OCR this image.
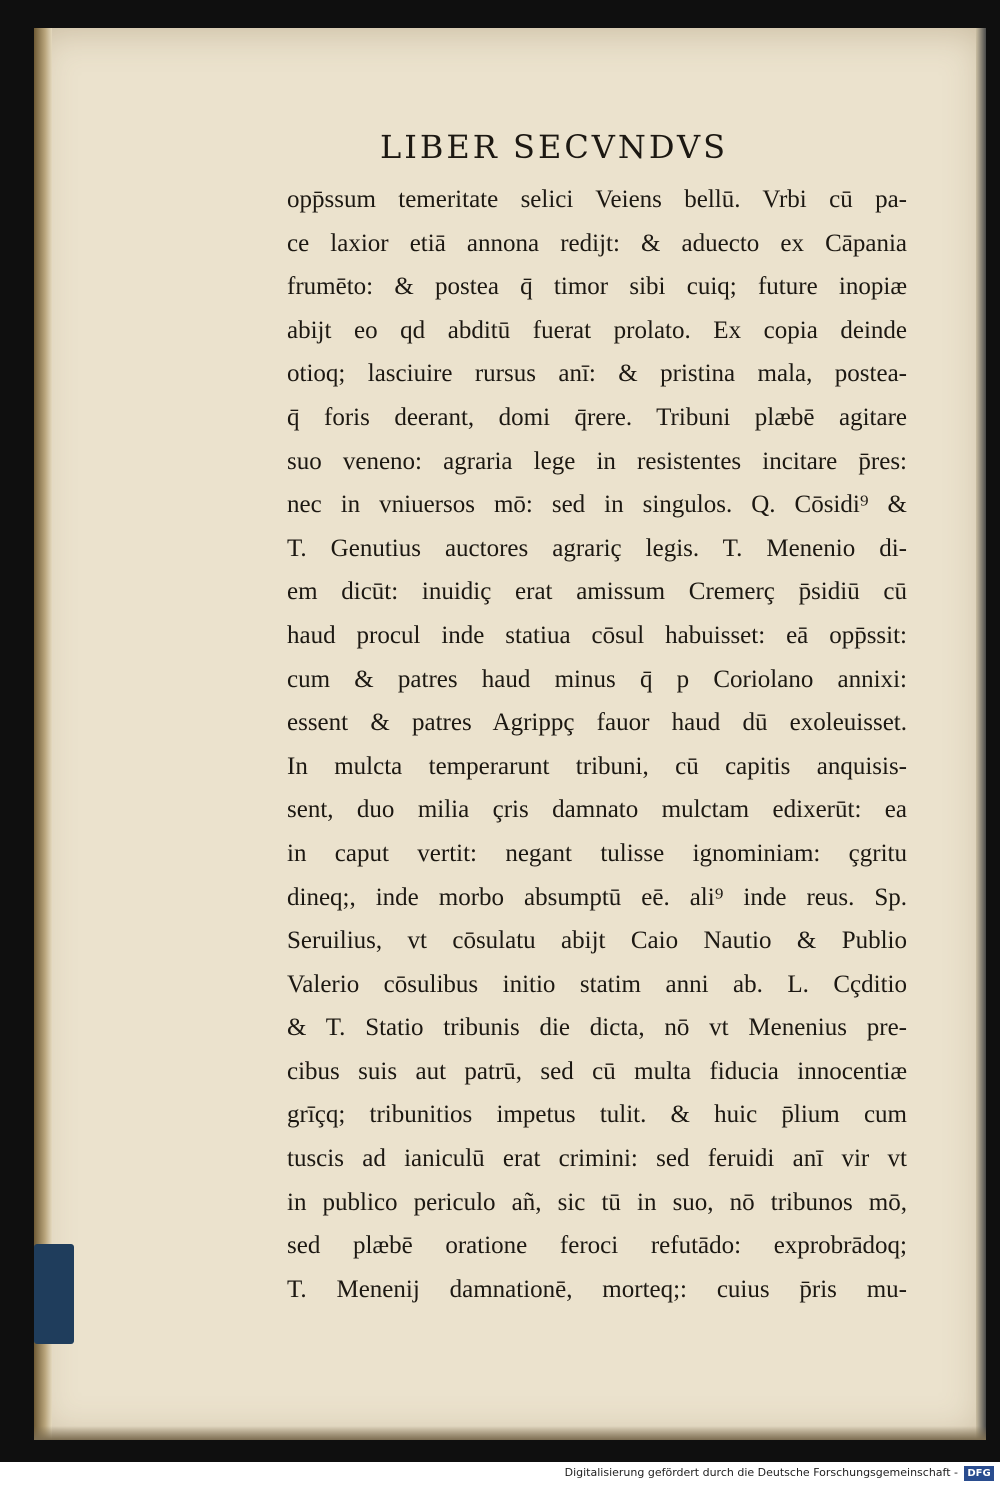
LIBER SECVNDVS
opp̄ssum temeritate selici Veiens bellū. Vrbi cū pa-
ce laxior etiā annona redijt: & aduecto ex Cāpania
frumēto: & postea q̄ timor sibi cuiq; future inopiæ
abijt eo qd abditū fuerat prolato. Ex copia deinde
otioq; lasciuire rursus anī: & pristina mala, postea-
q̄ foris deerant, domi q̄rere. Tribuni plæbē agitare
suo veneno: agraria lege in resistentes incitare p̄res:
nec in vniuersos mō: sed in singulos. Q. Cōsidi⁹ &
T. Genutius auctores agrariç legis. T. Menenio di-
em dicūt: inuidiç erat amissum Cremerç p̄sidiū cū
haud procul inde statiua cōsul habuisset: eā opp̄ssit:
cum & patres haud minus q̄ p Coriolano annixi:
essent & patres Agrippç fauor haud dū exoleuisset.
In mulcta temperarunt tribuni, cū capitis anquisis-
sent, duo milia çris damnato mulctam edixerūt: ea
in caput vertit: negant tulisse ignominiam: çgritu
dineq;, inde morbo absumptū eē. ali⁹ inde reus. Sp.
Seruilius, vt cōsulatu abijt Caio Nautio & Publio
Valerio cōsulibus initio statim anni ab. L. Cçditio
& T. Statio tribunis die dicta, nō vt Menenius pre-
cibus suis aut patrū, sed cū multa fiducia innocentiæ
grīçq; tribunitios impetus tulit. & huic p̄lium cum
tuscis ad ianiculū erat crimini: sed feruidi anī vir vt
in publico periculo añ, sic tū in suo, nō tribunos mō,
sed plæbē oratione feroci refutādo: exprobrādoq;
T. Menenij damnationē, morteq;: cuius p̄ris mu-
Digitalisierung gefördert durch die Deutsche Forschungsgemeinschaft - DFG
